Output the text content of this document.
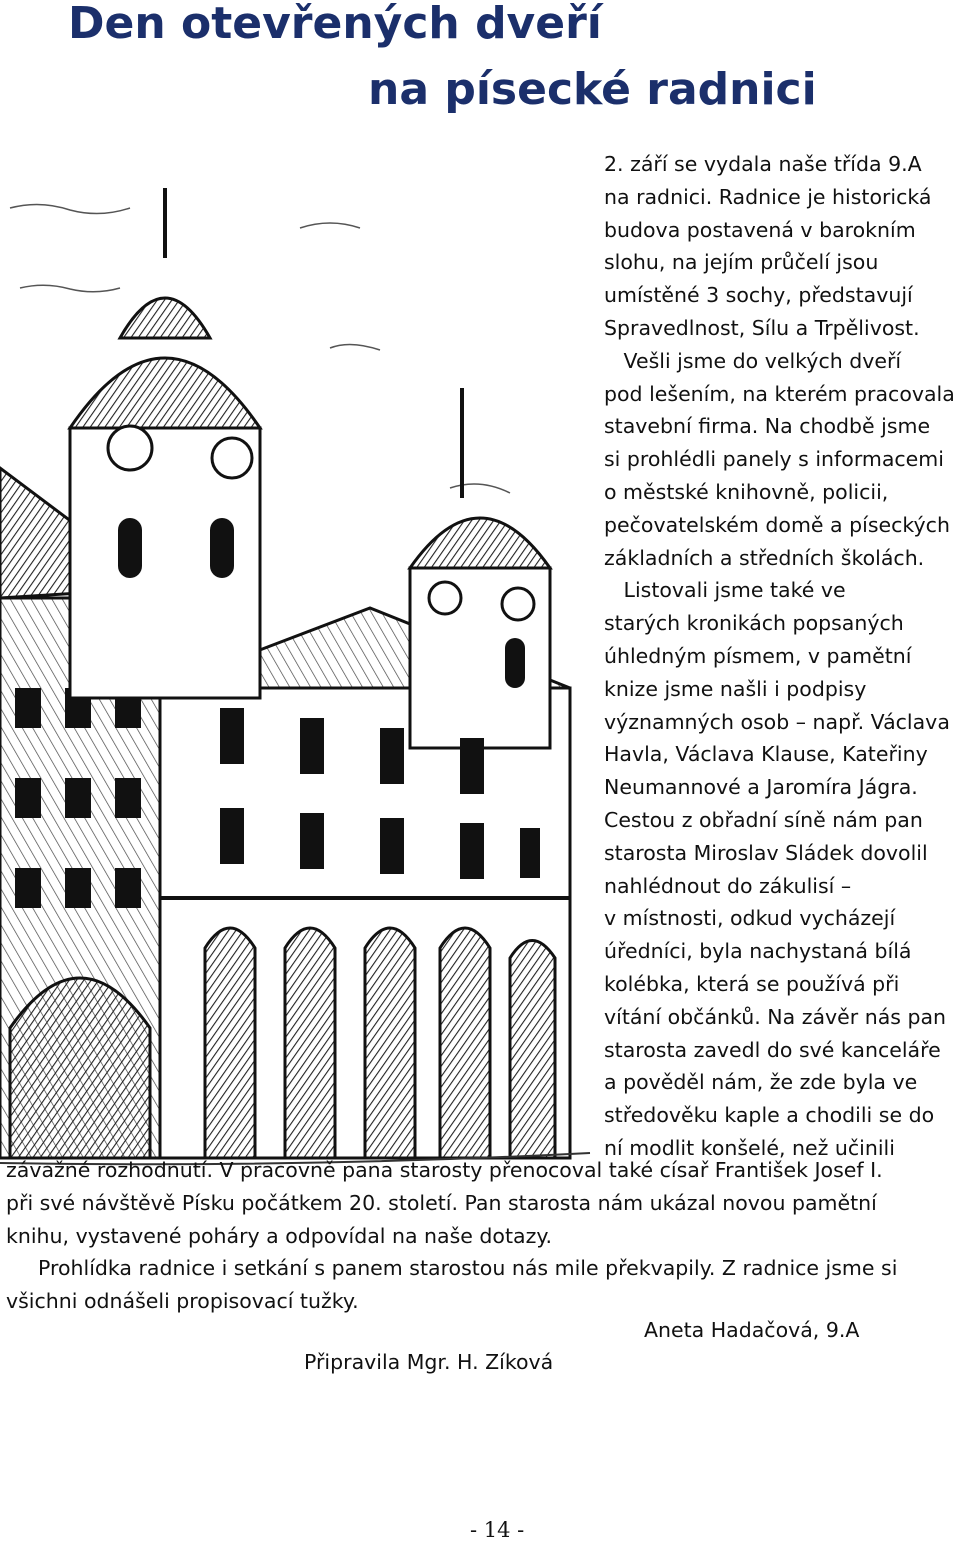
Den otevřených dveří
na písecké radnici
2. září se vydala naše třída 9.A
na radnici. Radnice je historická
budova postavená v barokním
slohu, na jejím průčelí jsou
umístěné 3 sochy, představují
Spravedlnost, Sílu a Trpělivost.
Vešli jsme do velkých dveří
pod lešením, na kterém pracovala
stavební firma. Na chodbě jsme
si prohlédli panely s informacemi
o městské knihovně, policii,
pečovatelském domě a píseckých
základních a středních školách.
Listovali jsme také ve
starých kronikách popsaných
úhledným písmem, v pamětní
knize jsme našli i podpisy
významných osob – např. Václava
Havla, Václava Klause, Kateřiny
Neumannové a Jaromíra Jágra.
Cestou z obřadní síně nám pan
starosta Miroslav Sládek dovolil
nahlédnout do zákulisí –
v místnosti, odkud vycházejí
úředníci, byla nachystaná bílá
kolébka, která se používá při
vítání občánků. Na závěr nás pan
starosta zavedl do své kanceláře
a pověděl nám, že zde byla ve
středověku kaple a chodili se do
ní modlit konšelé, než učinili
závažné rozhodnutí. V pracovně pana starosty přenocoval také císař František Josef I.
při své návštěvě Písku počátkem 20. století. Pan starosta nám ukázal novou pamětní
knihu, vystavené poháry a odpovídal na naše dotazy.
Prohlídka radnice i setkání s panem starostou nás mile překvapily. Z radnice jsme si
všichni odnášeli propisovací tužky.
Aneta Hadačová, 9.A
Připravila Mgr. H. Zíková
- 14 -
